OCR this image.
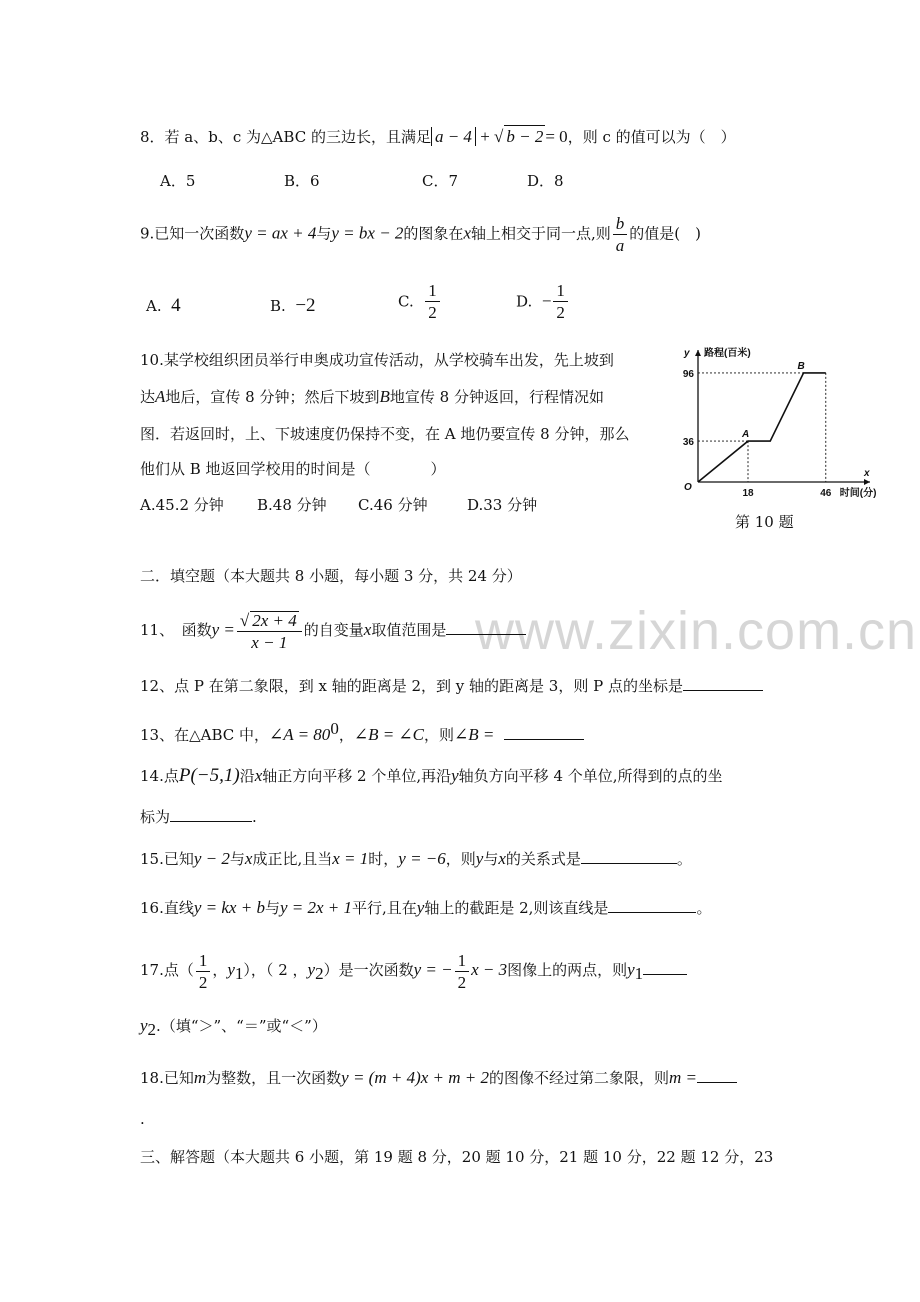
www.zixin.com.cn
8．若 a、b、c 为△ABC 的三边长，且满足 a − 4 + √ b − 2 = 0，则 c 的值可以为（　）
A．5	B．6	C．7	D．8
9.已知一次函数y = ax + 4与y = bx − 2的图象在x轴上相交于同一点,则 $\frac{b}{a}$ 的值是(　)
A. 4	B. −2	C. $\frac{1}{2}$	D. − $\frac{1}{2}$
10.某学校组织团员举行申奥成功宣传活动，从学校骑车出发，先上坡到
达A地后，宣传 8 分钟；然后下坡到B地宣传 8 分钟返回，行程情况如
图．若返回时，上、下坡速度仍保持不变，在 A 地仍要宣传 8 分钟，那么
他们从 B 地返回学校用的时间是（　　　　）
A.45.2 分钟 B.48 分钟 C.46 分钟	D.33 分钟
y 路程(百米)
x
时间(分)
O
36
96
18	46
A
B
第 10 题
二．填空题（本大题共 8 小题，每小题 3 分，共 24 分）
11、　函数$y = \frac{√ 2x + 4}{x - 1}$ 的自变量x取值范围是
12、点 P 在第二象限，到 x 轴的距离是 2，到 y 轴的距离是 3，则 P 点的坐标是
13、在△ABC 中，∠A = $80^0$，∠B = ∠C，则∠B =
14.点P(−5,1)沿x轴正方向平移 2 个单位,再沿y轴负方向平移 4 个单位,所得到的点的坐
标为	.
15.已知y − 2与x成正比,且当x = 1时，y = −6，则y与x的关系式是	。
16.直线y = kx + b与y = 2x + 1平行,且在y轴上的截距是 2,则该直线是	。
17.点（ $\frac{1}{2}$ ，$y_1$），（ 2 ，$y_2$）是一次函数y = − $\frac{1}{2}$ x − 3图像上的两点，则$y_1$
$y_2$.（填“＞”、“＝”或“＜”）
18.已知m为整数，且一次函数y = (m + 4)x + m + 2的图像不经过第二象限，则m =
.
三、解答题（本大题共 6 小题，第 19 题 8 分，20 题 10 分，21 题 10 分，22 题 12 分，23
